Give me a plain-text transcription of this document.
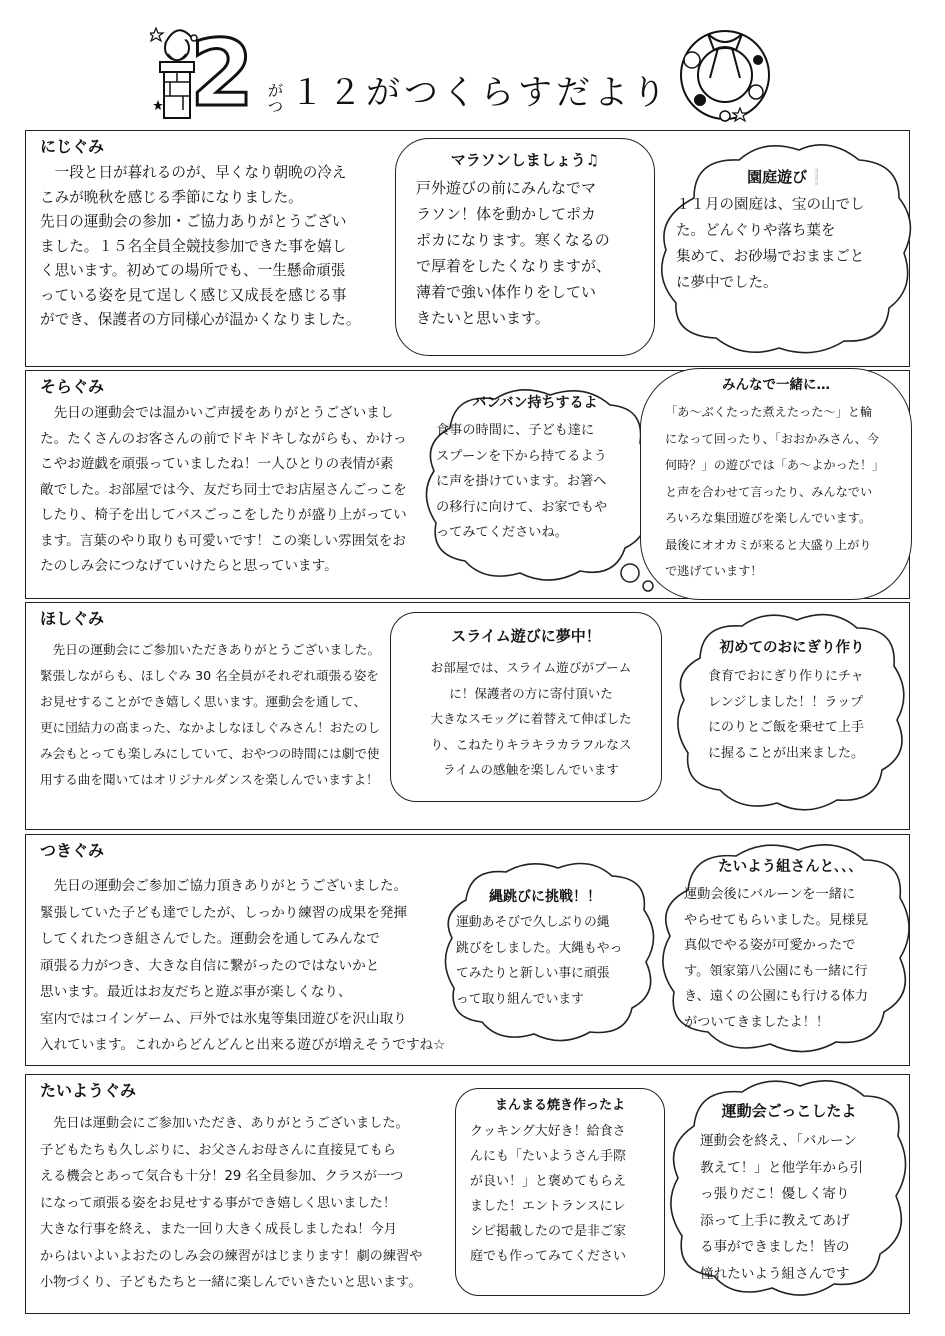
2 がつ １２がつくらすだより
にじぐみ
　一段と日が暮れるのが、早くなり朝晩の冷え
こみが晩秋を感じる季節になりました。
先日の運動会の参加・ご協力ありがとうござい
ました。１５名全員全競技参加できた事を嬉し
く思います。初めての場所でも、一生懸命頑張
っている姿を見て逞しく感じ又成長を感じる事
ができ、保護者の方同様心が温かくなりました。
マラソンしましょう♫
戸外遊びの前にみんなでマ
ラソン！体を動かしてポカ
ポカになります。寒くなるの
で厚着をしたくなりますが、
薄着で強い体作りをしてい
きたいと思います。
園庭遊び❕
１１月の園庭は、宝の山でし
た。どんぐりや落ち葉を
集めて、お砂場でおままごと
に夢中でした。
そらぐみ
　先日の運動会では温かいご声援をありがとうございまし
た。たくさんのお客さんの前でドキドキしながらも、かけっ
こやお遊戯を頑張っていましたね！一人ひとりの表情が素
敵でした。お部屋では今、友だち同士でお店屋さんごっこを
したり、椅子を出してバスごっこをしたりが盛り上がってい
ます。言葉のやり取りも可愛いです！この楽しい雰囲気をお
たのしみ会につなげていけたらと思っています。
バンバン持ちするよ
食事の時間に、子ども達に
スプーンを下から持てるよう
に声を掛けています。お箸へ
の移行に向けて、お家でもや
ってみてくださいね。
みんなで一緒に…
「あ～ぶくたった煮えたった～」と輪
になって回ったり、「おおかみさん、今
何時？」の遊びでは「あ～よかった！」
と声を合わせて言ったり、みんなでい
ろいろな集団遊びを楽しんでいます。
最後にオオカミが来ると大盛り上がり
で逃げています！
ほしぐみ
　先日の運動会にご参加いただきありがとうございました。
緊張しながらも、ほしぐみ 30 名全員がそれぞれ頑張る姿を
お見せすることができ嬉しく思います。運動会を通して、
更に団結力の高まった、なかよしなほしぐみさん！おたのし
み会もとっても楽しみにしていて、おやつの時間には劇で使
用する曲を聞いてはオリジナルダンスを楽しんでいますよ！
スライム遊びに夢中！
お部屋では、スライム遊びがブーム
に！保護者の方に寄付頂いた
大きなスモッグに着替えて伸ばした
り、こねたりキラキラカラフルなス
ライムの感触を楽しんでいます
初めてのおにぎり作り
食育でおにぎり作りにチャ
レンジしました！！ラップ
にのりとご飯を乗せて上手
に握ることが出来ました。
つきぐみ
　先日の運動会ご参加ご協力頂きありがとうございました。
緊張していた子ども達でしたが、しっかり練習の成果を発揮
してくれたつき組さんでした。運動会を通してみんなで
頑張る力がつき、大きな自信に繋がったのではないかと
思います。最近はお友だちと遊ぶ事が楽しくなり、
室内ではコインゲーム、戸外では氷鬼等集団遊びを沢山取り
入れています。これからどんどんと出来る遊びが増えそうですね☆
縄跳びに挑戦！！
運動あそびで久しぶりの縄
跳びをしました。大縄もやっ
てみたりと新しい事に頑張
って取り組んでいます
たいよう組さんと､､､
運動会後にバルーンを一緒に
やらせてもらいました。見様見
真似でやる姿が可愛かったで
す。領家第八公園にも一緒に行
き、遠くの公園にも行ける体力
がついてきましたよ！！
たいようぐみ
　先日は運動会にご参加いただき、ありがとうございました。
子どもたちも久しぶりに、お父さんお母さんに直接見てもら
える機会とあって気合も十分！29 名全員参加、クラスが一つ
になって頑張る姿をお見せする事ができ嬉しく思いました！
大きな行事を終え、また一回り大きく成長しましたね！今月
からはいよいよおたのしみ会の練習がはじまります！劇の練習や
小物づくり、子どもたちと一緒に楽しんでいきたいと思います。
まんまる焼き作ったよ
クッキング大好き！給食さ
んにも「たいようさん手際
が良い！」と褒めてもらえ
ました！エントランスにレ
シピ掲載したので是非ご家
庭でも作ってみてください
運動会ごっこしたよ
運動会を終え、「バルーン
教えて！」と他学年から引
っ張りだこ！優しく寄り
添って上手に教えてあげ
る事ができました！皆の
憧れたいよう組さんです
